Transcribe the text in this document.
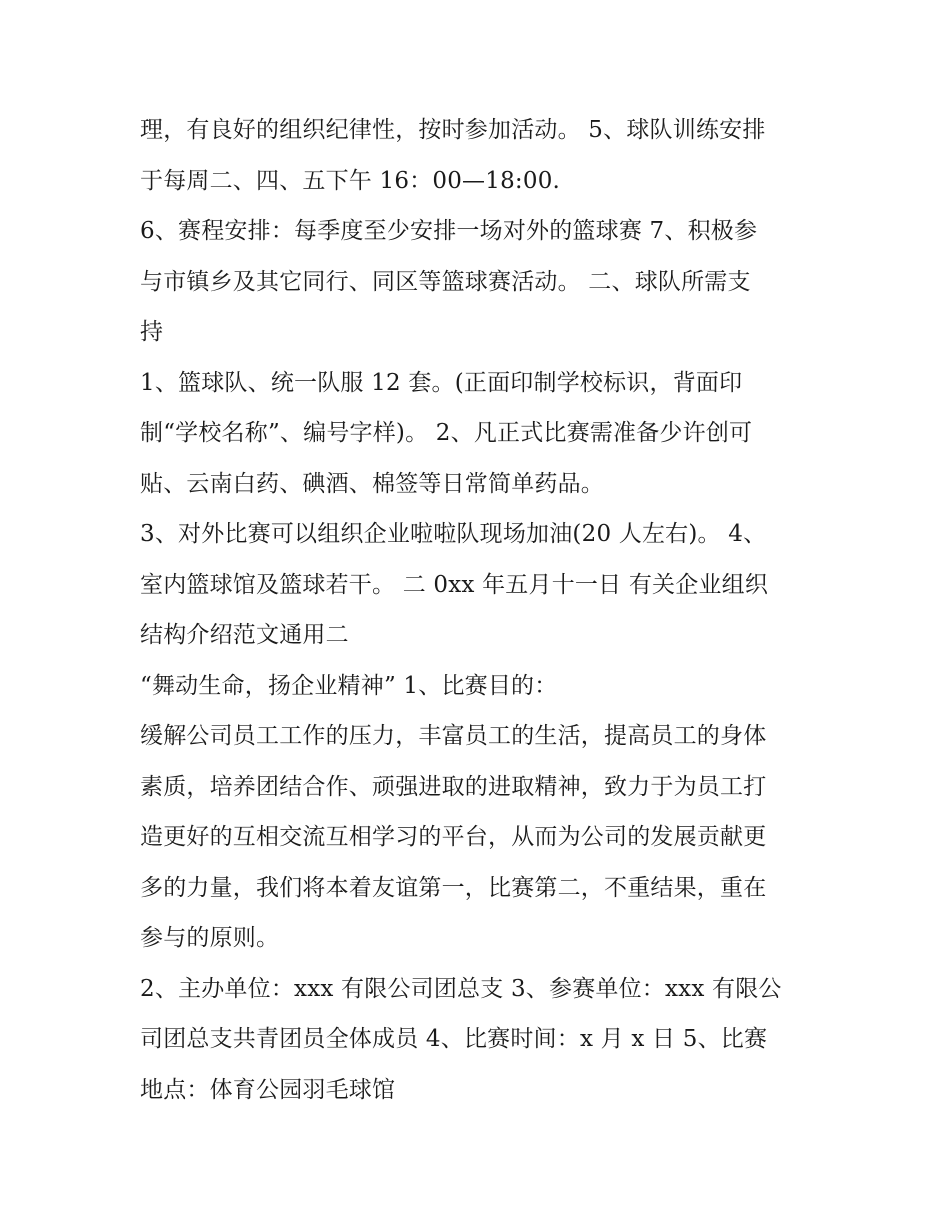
理，有良好的组织纪律性，按时参加活动。 5、球队训练安排
于每周二、四、五下午 16：00—18:00.
6、赛程安排：每季度至少安排一场对外的篮球赛 7、积极参
与市镇乡及其它同行、同区等篮球赛活动。 二、球队所需支
持
1、篮球队、统一队服 12 套。(正面印制学校标识，背面印
制“学校名称”、编号字样)。 2、凡正式比赛需准备少许创可
贴、云南白药、碘酒、棉签等日常简单药品。
3、对外比赛可以组织企业啦啦队现场加油(20 人左右)。 4、
室内篮球馆及篮球若干。 二 0xx 年五月十一日 有关企业组织
结构介绍范文通用二
“舞动生命，扬企业精神” 1、比赛目的：
缓解公司员工工作的压力，丰富员工的生活，提高员工的身体
素质，培养团结合作、顽强进取的进取精神，致力于为员工打
造更好的互相交流互相学习的平台，从而为公司的发展贡献更
多的力量，我们将本着友谊第一，比赛第二，不重结果，重在
参与的原则。
2、主办单位：xxx 有限公司团总支 3、参赛单位：xxx 有限公
司团总支共青团员全体成员 4、比赛时间：x 月 x 日 5、比赛
地点：体育公园羽毛球馆
